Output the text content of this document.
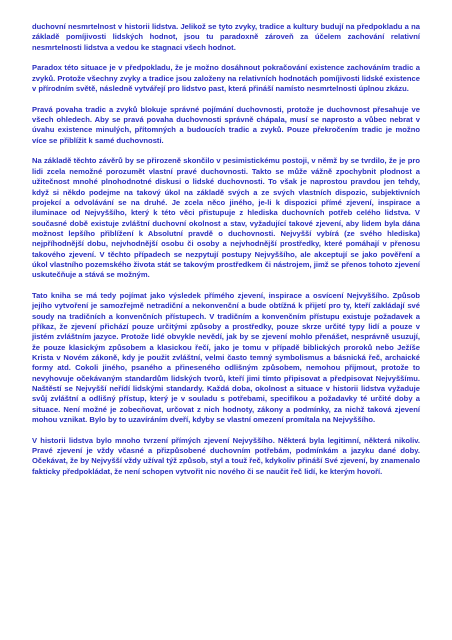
duchovní nesmrtelnost v historii lidstva. Jelikož se tyto zvyky, tradice a kultury budují na předpokladu a na základě pomíjivosti lidských hodnot, jsou tu paradoxně zároveň za účelem zachování relativní nesmrtelnosti lidstva a vedou ke stagnaci všech hodnot.

Paradox této situace je v předpokladu, že je možno dosáhnout pokračování existence zachováním tradic a zvyků. Protože všechny zvyky a tradice jsou založeny na relativních hodnotách pomíjivosti lidské existence v přírodním světě, následně vytvářejí pro lidstvo past, která přináší namísto nesmrtelnosti úplnou zkázu.

Pravá povaha tradic a zvyků blokuje správné pojímání duchovnosti, protože je duchovnost přesahuje ve všech ohledech. Aby se pravá povaha duchovnosti správně chápala, musí se naprosto a vůbec nebrat v úvahu existence minulých, přítomných a budoucích tradic a zvyků. Pouze překročením tradic je možno více se přiblížit k samé duchovnosti.

Na základě těchto závěrů by se přirozeně skončilo v pesimistickému postoji, v němž by se tvrdilo, že je pro lidi zcela nemožné porozumět vlastní pravé duchovnosti. Takto se může vážně zpochybnit plodnost a užitečnost mnohé plnohodnotné diskusi o lidské duchovnosti. To však je naprostou pravdou jen tehdy, když si někdo podejme na takový úkol na základě svých a ze svých vlastních dispozic, subjektivních projekcí a odvolávání se na druhé. Je zcela něco jiného, je-li k dispozici přímé zjevení, inspirace a iluminace od Nejvyššího, který k této věci přistupuje z hlediska duchovních potřeb celého lidstva. V současné době existuje zvláštní duchovní okolnost a stav, vyžadující takové zjevení, aby lidem byla dána možnost lepšího přiblížení k Absolutní pravdě o duchovnosti. Nejvyšší vybírá (ze svého hlediska) nejpříhodnější dobu, nejvhodnější osobu či osoby a nejvhodnější prostředky, které pomáhají v přenosu takového zjevení. V těchto případech se nezpytují postupy Nejvyššího, ale akceptují se jako pověření a úkol vlastního pozemského života stát se takovým prostředkem či nástrojem, jimž se přenos tohoto zjevení uskutečňuje a stává se možným.

Tato kniha se má tedy pojímat jako výsledek přímého zjevení, inspirace a osvícení Nejvyššího. Způsob jejího vytvoření je samozřejmě netradiční a nekonvenční a bude obtížná k přijetí pro ty, kteří zakládají své soudy na tradičních a konvenčních přístupech. V tradičním a konvenčním přístupu existuje požadavek a příkaz, že zjevení přichází pouze určitými způsoby a prostředky, pouze skrze určité typy lidí a pouze v jistém zvláštním jazyce. Protože lidé obvykle nevědí, jak by se zjevení mohlo přenášet, nesprávně usuzují, že pouze klasickým způsobem a klasickou řečí, jako je tomu v případě biblických proroků nebo Ježíše Krista v Novém zákoně, kdy je použit zvláštní, velmi často temný symbolismus a básnická řeč, archaické formy atd. Cokoli jiného, psaného a přineseného odlišným způsobem, nemohou přijmout, protože to nevyhovuje očekávaným standardům lidských tvorů, kteří jimi tímto připisovat a předpisovat Nejvyššímu. Naštěstí se Nejvyšší neřídí lidskými standardy. Každá doba, okolnost a situace v historii lidstva vyžaduje svůj zvláštní a odlišný přístup, který je v souladu s potřebami, specifikou a požadavky té určité doby a situace. Není možné je zobecňovat, určovat z nich hodnoty, zákony a podmínky, za nichž taková zjevení mohou vznikat. Bylo by to uzavíráním dveří, kdyby se vlastní omezení promítala na Nejvyššího.

V historii lidstva bylo mnoho tvrzení přímých zjevení Nejvyššího. Některá byla legitimní, některá nikoliv. Pravé zjevení je vždy včasné a přizpůsobené duchovním potřebám, podmínkám a jazyku dané doby. Očekávat, že by Nejvyšší vždy užíval týž způsob, styl a touž řeč, kdykoliv přináší Své zjevení, by znamenalo fakticky předpokládat, že není schopen vytvořit nic nového či se naučit řeč lidí, ke kterým hovoří.
